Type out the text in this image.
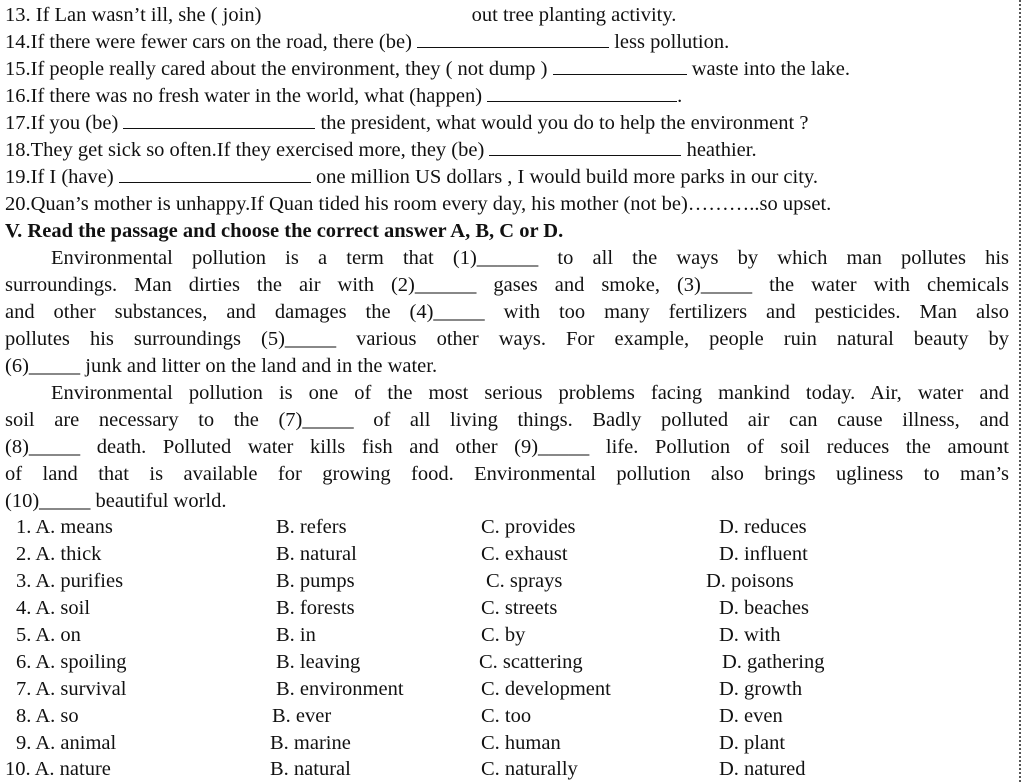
13. If Lan wasn’t ill, she ( join)	out tree planting activity.
14.If there were fewer cars on the road, there (be)	less pollution.
15.If people really cared about the environment, they ( not dump )	waste into the lake.
16.If there was no fresh water in the world, what (happen)	.
17.If you (be)	the president, what would you do to help the environment ?
18.They get sick so often.If they exercised more, they (be)	heathier.
19.If I (have)	one million US dollars , I would build more parks in our city.
20.Quan’s mother is unhappy.If Quan tided his room every day, his mother (not be)………..so upset.
V. Read the passage and choose the correct answer A, B, C or D.
Environmental pollution is a term that (1)______ to all the ways by which man pollutes his
surroundings. Man dirties the air with (2)______ gases and smoke, (3)_____ the water with chemicals
and other substances, and damages the (4)_____ with too many fertilizers and pesticides. Man also
pollutes his surroundings (5)_____ various other ways. For example, people ruin natural beauty by
(6)_____ junk and litter on the land and in the water.
Environmental pollution is one of the most serious problems facing mankind today. Air, water and
soil are necessary to the (7)_____ of all living things. Badly polluted air can cause illness, and
(8)_____ death. Polluted water kills fish and other (9)_____ life. Pollution of soil reduces the amount
of land that is available for growing food. Environmental pollution also brings ugliness to man’s
(10)_____ beautiful world.
1. A. means	B. refers	C. provides	D. reduces
2. A. thick	B. natural	C. exhaust	D. influent
3. A. purifies	B. pumps	C. sprays	D. poisons
4. A. soil	B. forests	C. streets	D. beaches
5. A. on	B. in	C. by	D. with
6. A. spoiling	B. leaving	C. scattering	D. gathering
7. A. survival	B. environment	C. development	D. growth
8. A. so	B. ever	C. too	D. even
9. A. animal	B. marine	C. human	D. plant
10. A. nature	B. natural	C. naturally	D. natured
